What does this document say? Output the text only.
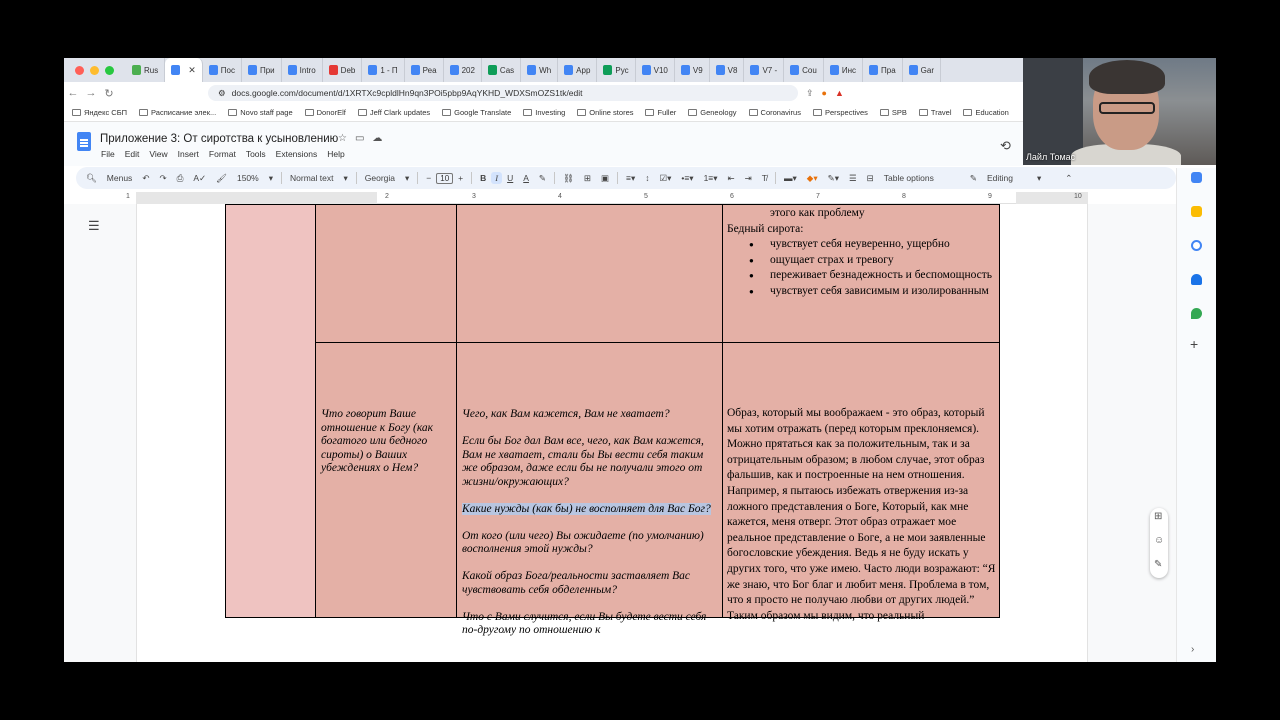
Rus	✕	Пос	При	Intro	Deb	1 - П	Реа	202	Cas	Wh	App	Рус	V10	V9	V8	V7 -	Cou	Инс	Пра	Gar
← → ↻	⚙ docs.google.com/document/d/1XRTXc9cpldlHn9qn3POi5pbp9AqYKHD_WDXSmOZS1tk/edit	⇪ ● ▲
Яндекс СБП	Расписание элек...	Novo staff page	DonorElf	Jeff Clark updates	Google Translate	Investing	Online stores	Fuller	Geneology	Coronavirus	Perspectives	SPB	Travel	Education
Приложение 3: От сиротства к усыновлению ☆ ▭ ☁
File Edit View Insert Format Tools Extensions Help
⟲
🔍︎	Menus	↶	↷	⎙	A✓	🖌︎	150%	▾	Normal text	▾	Georgia	▾	−	10	+	B	I	U	A	✎	⛓	⊞	▣	≡▾	↕	☑▾	•≡▾	1≡▾	⇤	⇥	T̸	▬▾	◆▾	✎▾	☰	⊟	Table options	✎	Editing	▾	⌃
1	2	3	4	5	6	7	8	9	10
☰
этого как проблему
Бедный сирота:
● чувствует себя неуверенно, ущербно
● ощущает страх и тревогу
● переживает безнадежность и беспомощность
● чувствует себя зависимым и изолированным
Что говорит Ваше отношение к Богу (как богатого или бедного сироты) о Ваших убеждениях о Нем?

Чего, как Вам кажется, Вам не хватает?

Если бы Бог дал Вам все, чего, как Вам кажется, Вам не хватает, стали бы Вы вести себя таким же образом, даже если бы не получали этого от жизни/окружающих?

Какие нужды (как бы) не восполняет для Вас Бог?

От кого (или чего) Вы ожидаете (по умолчанию) восполнения этой нужды?

Какой образ Бога/реальности заставляет Вас чувствовать себя обделенным?

Что с Вами случится, если Вы будете вести себя по-другому по отношению к

Образ, который мы воображаем - это образ, который мы хотим отражать (перед которым преклоняемся). Можно прятаться как за положительным, так и за отрицательным образом; в любом случае, этот образ фальшив, как и построенные на нем отношения. Например, я пытаюсь избежать отвержения из-за ложного представления о Боге, Который, как мне кажется, меня отверг. Этот образ отражает мое реальное представление о Боге, а не мои заявленные богословские убеждения. Ведь я не буду искать у других того, что уже имею. Часто люди возражают: “Я же знаю, что Бог благ и любит меня. Проблема в том, что я просто не получаю любви от других людей.” Таким образом мы видим, что реальный
+
›
⊞
☺
✎
Лайл Томас
